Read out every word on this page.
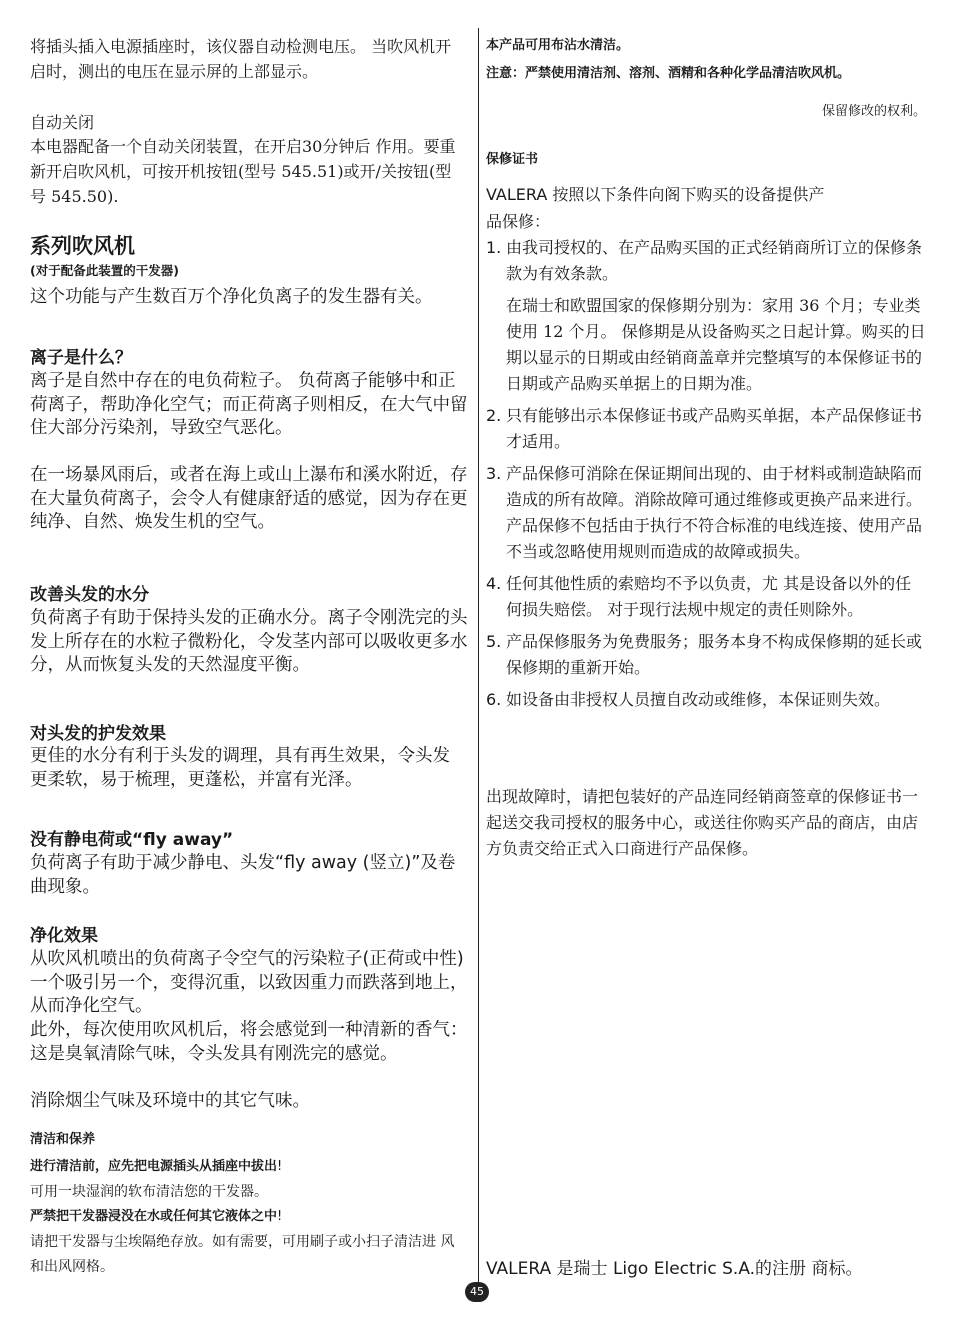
将插头插入电源插座时，该仪器自动检测电压。 当吹风机开启时，测出的电压在显示屏的上部显示。

自动关闭

本电器配备一个自动关闭装置，在开启30分钟后 作用。要重新开启吹风机，可按开机按钮(型号 545.51)或开/关按钮(型号 545.50).

系列吹风机

(对于配备此装置的干发器)

这个功能与产生数百万个净化负离子的发生器有关。

离子是什么？

离子是自然中存在的电负荷粒子。 负荷离子能够中和正荷离子，帮助净化空气；而正荷离子则相反，在大气中留住大部分污染剂，导致空气恶化。

在一场暴风雨后，或者在海上或山上瀑布和溪水附近，存在大量负荷离子，会令人有健康舒适的感觉，因为存在更纯净、自然、焕发生机的空气。

改善头发的水分

负荷离子有助于保持头发的正确水分。离子令刚洗完的头发上所存在的水粒子微粉化，令发茎内部可以吸收更多水分，从而恢复头发的天然湿度平衡。

对头发的护发效果

更佳的水分有利于头发的调理，具有再生效果，令头发更柔软，易于梳理，更蓬松，并富有光泽。

没有静电荷或“fly away”

负荷离子有助于减少静电、头发“fly away (竖立)”及卷曲现象。

净化效果

从吹风机喷出的负荷离子令空气的污染粒子(正荷或中性)一个吸引另一个，变得沉重，以致因重力而跌落到地上，从而净化空气。

此外，每次使用吹风机后，将会感觉到一种清新的香气： 这是臭氧清除气味，令头发具有刚洗完的感觉。

消除烟尘气味及环境中的其它气味。

清洁和保养

进行清洁前，应先把电源插头从插座中拔出!

可用一块湿润的软布清洁您的干发器。

严禁把干发器浸没在水或任何其它液体之中!

请把干发器与尘埃隔绝存放。如有需要，可用刷子或小扫子清洁进 风和出风网格。

本产品可用布沾水清洁。

注意：严禁使用清洁剂、溶剂、酒精和各种化学品清洁吹风机。

保留修改的权利。

保修证书

VALERA 按照以下条件向阁下购买的设备提供产品保修：

1. 由我司授权的、在产品购买国的正式经销商所订立的保修条款为有效条款。
在瑞士和欧盟国家的保修期分别为：家用 36 个月；专业类使用 12 个月。 保修期是从设备购买之日起计算。购买的日期以显示的日期或由经销商盖章并完整填写的本保修证书的日期或产品购买单据上的日期为准。
2. 只有能够出示本保修证书或产品购买单据，本产品保修证书才适用。
3. 产品保修可消除在保证期间出现的、由于材料或制造缺陷而造成的所有故障。消除故障可通过维修或更换产品来进行。产品保修不包括由于执行不符合标准的电线连接、使用产品不当或忽略使用规则而造成的故障或损失。
4. 任何其他性质的索赔均不予以负责，尤 其是设备以外的任何损失赔偿。 对于现行法规中规定的责任则除外。
5. 产品保修服务为免费服务；服务本身不构成保修期的延长或保修期的重新开始。
6. 如设备由非授权人员擅自改动或维修，本保证则失效。

出现故障时，请把包装好的产品连同经销商签章的保修证书一起送交我司授权的服务中心，或送往你购买产品的商店，由店方负责交给正式入口商进行产品保修。

VALERA 是瑞士 Ligo Electric S.A.的注册 商标。

45
